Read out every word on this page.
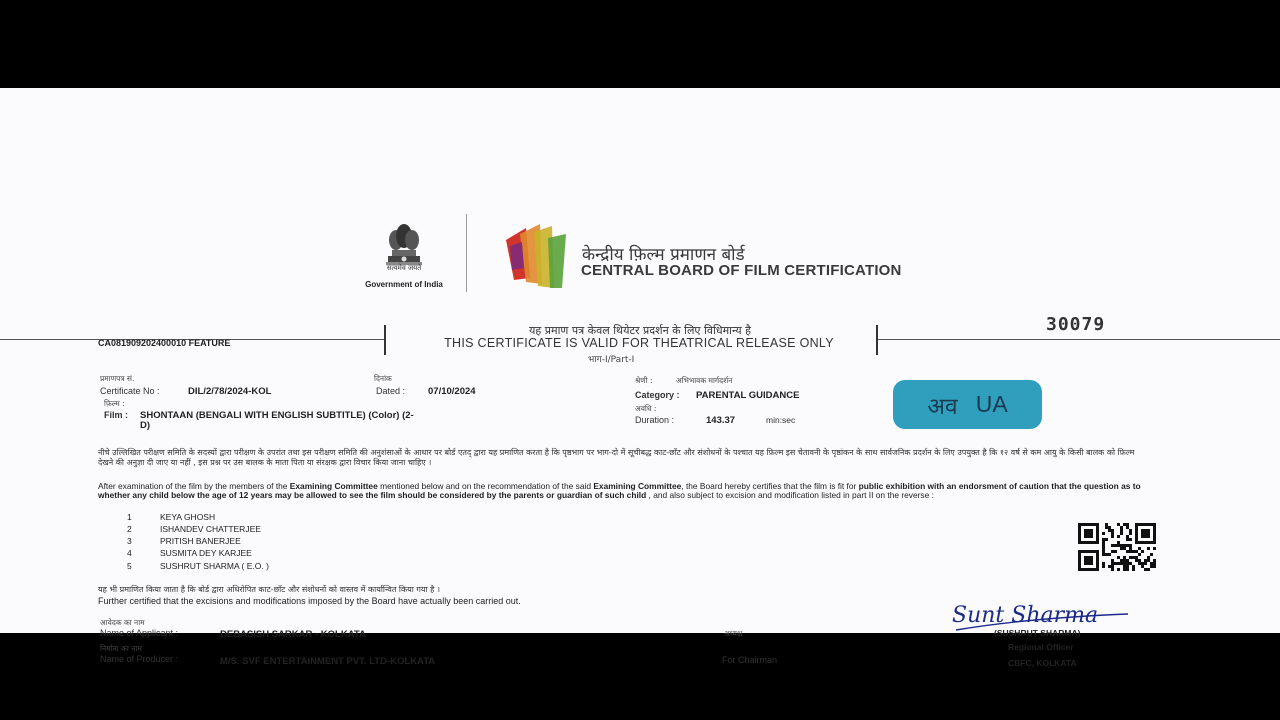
सत्यमेव जयते
Government of India
केन्द्रीय फ़िल्म प्रमाणन बोर्ड
CENTRAL BOARD OF FILM CERTIFICATION
यह प्रमाण पत्र केवल थियेटर प्रदर्शन के लिए विधिमान्य है
THIS CERTIFICATE IS VALID FOR THEATRICAL RELEASE ONLY
भाग-I/Part-I
CA081909202400010 FEATURE
30079
प्रमाणपत्र सं.
Certificate No :	DIL/2/78/2024-KOL
दिनांक
Dated : 07/10/2024
श्रेणी :	अभिभावक मार्गदर्शन
Category : PARENTAL GUIDANCE
अवधि :
Duration :	143.37	min:sec
फ़िल्म :
Film : SHONTAAN (BENGALI WITH ENGLISH SUBTITLE) (Color) (2-
D)
अव UA
नीचे उल्लिखित परीक्षण समिति के सदस्यों द्वारा परीक्षण के उपरांत तथा इस परीक्षण समिति की अनुशंसाओं के आधार पर बोर्ड एतद् द्वारा यह प्रमाणित करता है कि पृष्ठभाग पर भाग-दो में सूचीबद्ध काट-छाँट और संशोधनों के पश्चात यह फ़िल्म इस चेतावनी के पृष्ठांकन के साथ सार्वजनिक प्रदर्शन के लिए उपयुक्त है कि १२ वर्ष से कम आयु के किसी बालक को फ़िल्म देखने की अनुज्ञा दी जाए या नहीं , इस प्रश्न पर उस बालक के माता पिता या संरक्षक द्वारा विचार किया जाना चाहिए ।
After examination of the film by the members of the Examining Committee mentioned below and on the recommendation of the said Examining Committee, the Board hereby certifies that the film is fit for public exhibition with an endorsment of caution that the question as to whether any child below the age of 12 years may be allowed to see the film should be considered by the parents or guardian of such child , and also subject to excision and modification listed in part II on the reverse :
1	KEYA GHOSH
2	ISHANDEV CHATTERJEE
3	PRITISH BANERJEE
4	SUSMITA DEY KARJEE
5	SUSHRUT SHARMA ( E.O. )
यह भी प्रमाणित किया जाता है कि बोर्ड द्वारा अधिरोपित काट-छाँट और संशोधनों को वास्तव में कार्यान्वित किया गया है ।
Further certified that the excisions and modifications imposed by the Board have actually been carried out.
आवेदक का नाम
Name of Applicant :	DEBASISH SARKAR - KOLKATA
निर्माता का नाम
Name of Producer :	M/S. SVF ENTERTAINMENT PVT. LTD-KOLKATA
अध्यक्ष
For Chairman
Sunt Sharma
(SUSHRUT SHARMA)
Regional Officer
CBFC, KOLKATA
